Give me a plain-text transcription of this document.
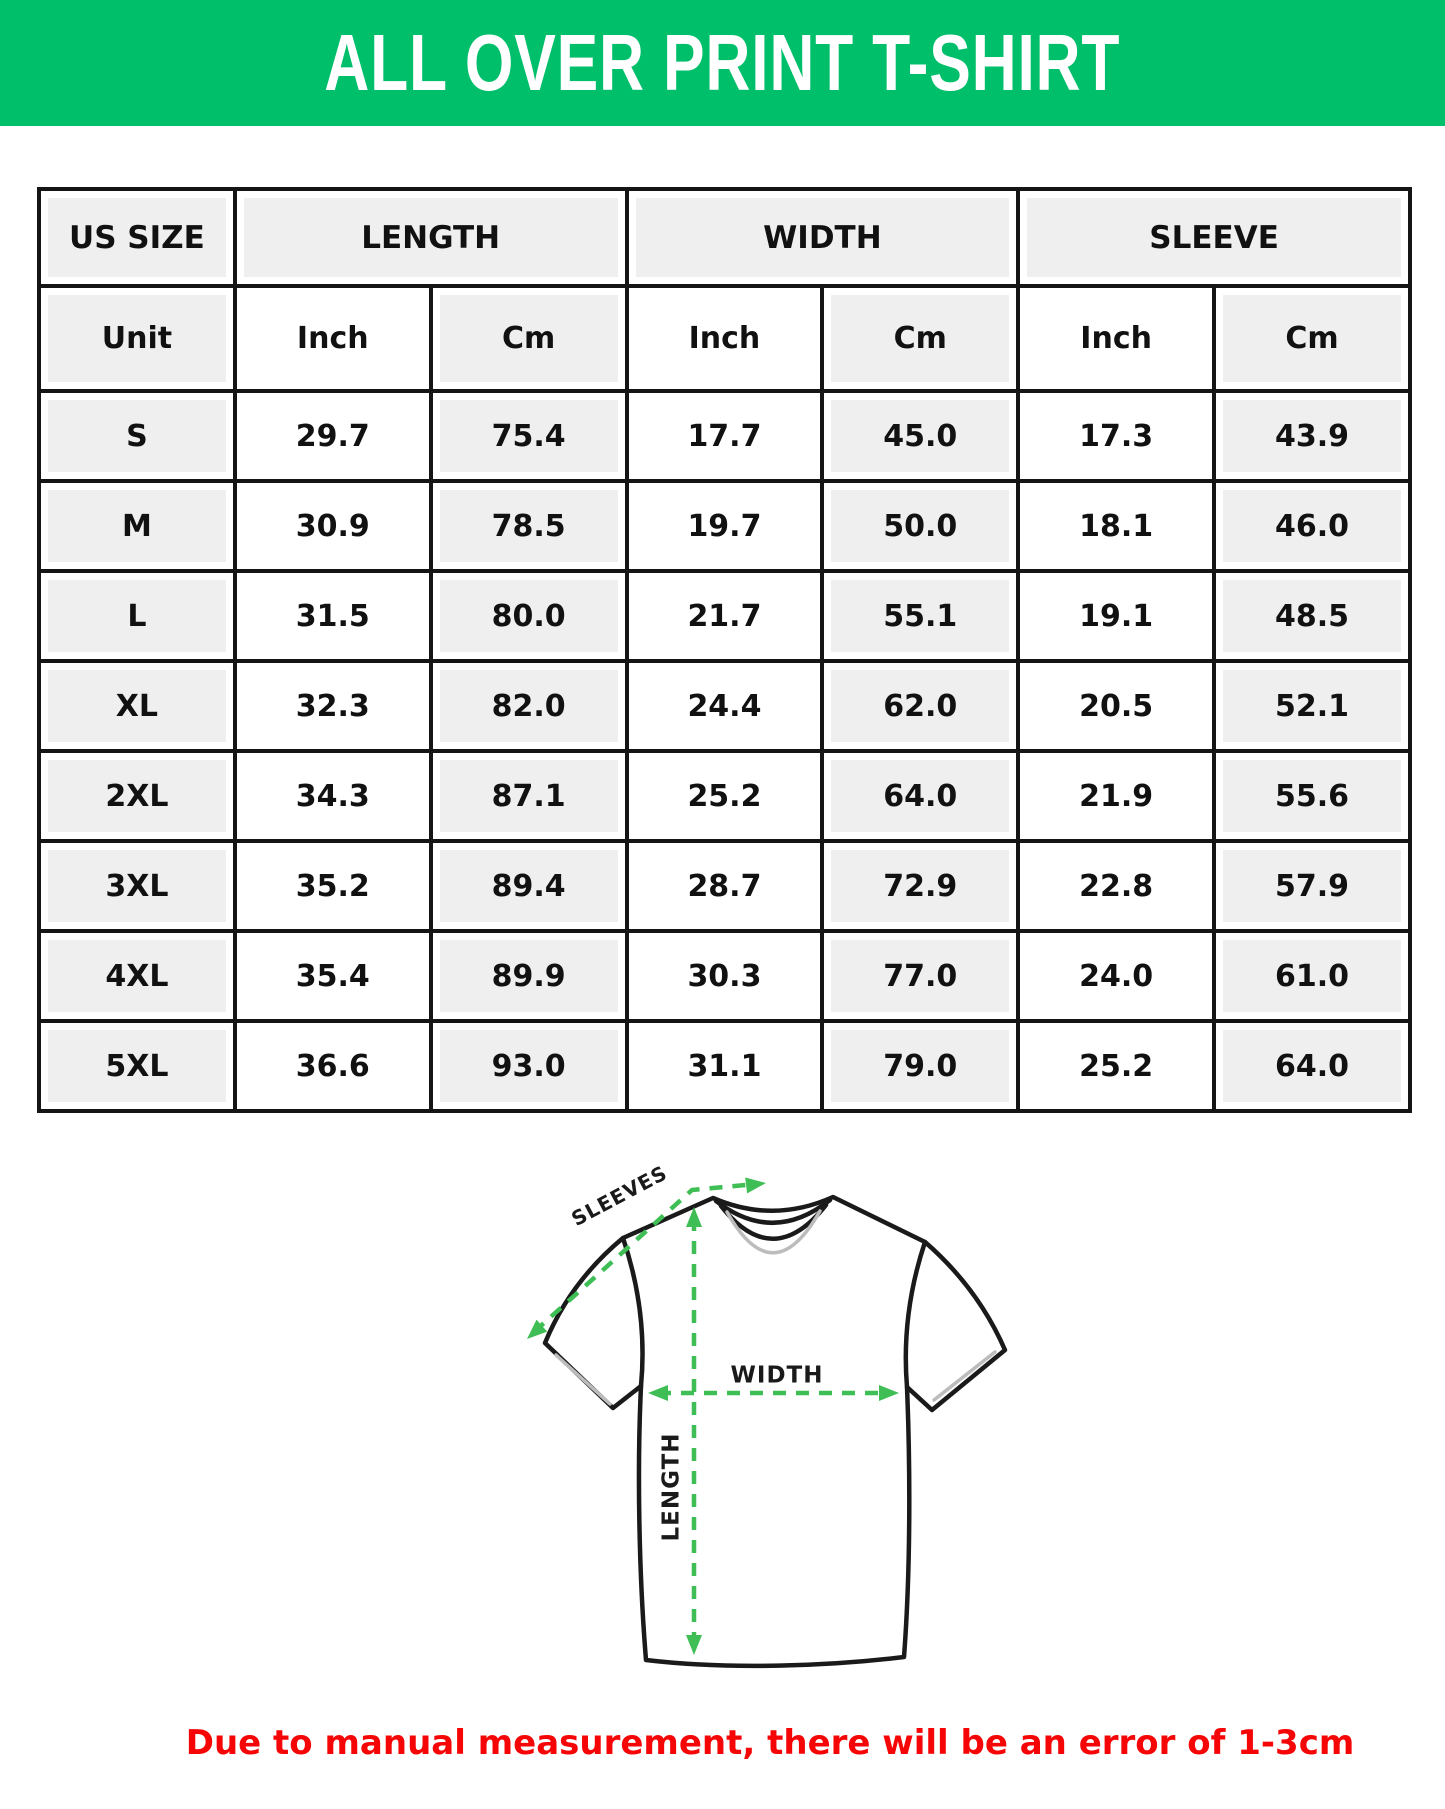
ALL OVER PRINT T-SHIRT
US SIZE	LENGTH		WIDTH		SLEEVE	
Unit	Inch	Cm	Inch	Cm	Inch	Cm
S	29.7	75.4	17.7	45.0	17.3	43.9
M	30.9	78.5	19.7	50.0	18.1	46.0
L	31.5	80.0	21.7	55.1	19.1	48.5
XL	32.3	82.0	24.4	62.0	20.5	52.1
2XL	34.3	87.1	25.2	64.0	21.9	55.6
3XL	35.2	89.4	28.7	72.9	22.8	57.9
4XL	35.4	89.9	30.3	77.0	24.0	61.0
5XL	36.6	93.0	31.1	79.0	25.2	64.0
SLEEVES
WIDTH
LENGTH
Due to manual measurement, there will be an error of 1-3cm
